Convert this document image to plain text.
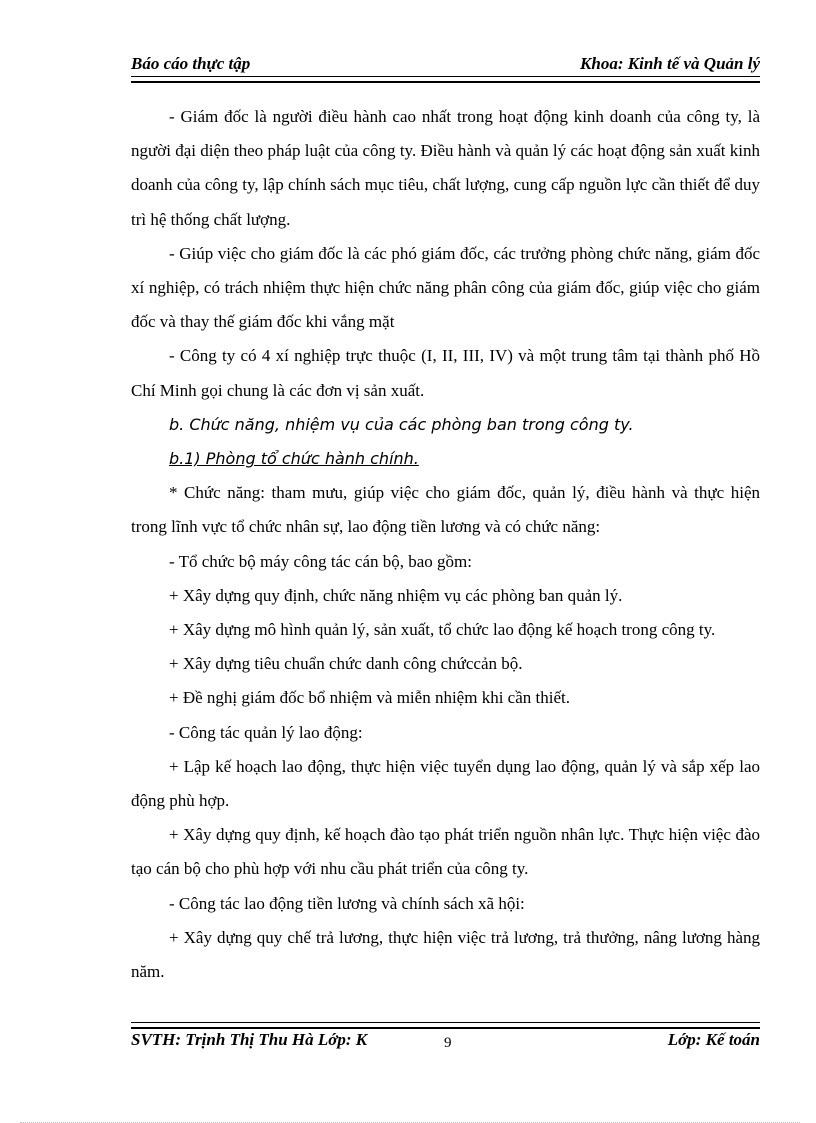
Báo cáo thực tập	Khoa: Kinh tế và Quản lý

- Giám đốc là người điều hành cao nhất trong hoạt động kinh doanh của công ty, là người đại diện theo pháp luật của công ty. Điều hành và quản lý các hoạt động sản xuất kinh doanh của công ty, lập chính sách mục tiêu, chất lượng, cung cấp nguồn lực cần thiết để duy trì hệ thống chất lượng.

- Giúp việc cho giám đốc là các phó giám đốc, các trưởng phòng chức năng, giám đốc xí nghiệp, có trách nhiệm thực hiện chức năng phân công của giám đốc, giúp việc cho giám đốc và thay thế giám đốc khi vắng mặt

- Công ty có 4 xí nghiệp trực thuộc (I, II, III, IV) và một trung tâm tại thành phố Hồ Chí Minh gọi chung là các đơn vị sản xuất.

b. Chức năng, nhiệm vụ của các phòng ban trong công ty.

b.1) Phòng tổ chức hành chính.

* Chức năng: tham mưu, giúp việc cho giám đốc, quản lý, điều hành và thực hiện trong lĩnh vực tổ chức nhân sự, lao động tiền lương và có chức năng:

- Tổ chức bộ máy công tác cán bộ, bao gồm:

+ Xây dựng quy định, chức năng nhiệm vụ các phòng ban quản lý.

+ Xây dựng mô hình quản lý, sản xuất, tổ chức lao động kế hoạch trong công ty.

+ Xây dựng tiêu chuẩn chức danh công chứccản bộ.

+ Đề nghị giám đốc bổ nhiệm và miễn nhiệm khi cần thiết.

- Công tác quản lý lao động:

+ Lập kế hoạch lao động, thực hiện việc tuyển dụng lao động, quản lý và sắp xếp lao động phù hợp.

+ Xây dựng quy định, kế hoạch đào tạo phát triển nguồn nhân lực. Thực hiện việc đào tạo cán bộ cho phù hợp với nhu cầu phát triển của công ty.

- Công tác lao động tiền lương và chính sách xã hội:

+ Xây dựng quy chế trả lương, thực hiện việc trả lương, trả thưởng, nâng lương hàng năm.

SVTH: Trịnh Thị Thu Hà Lớp: K	9	Lớp: Kế toán
